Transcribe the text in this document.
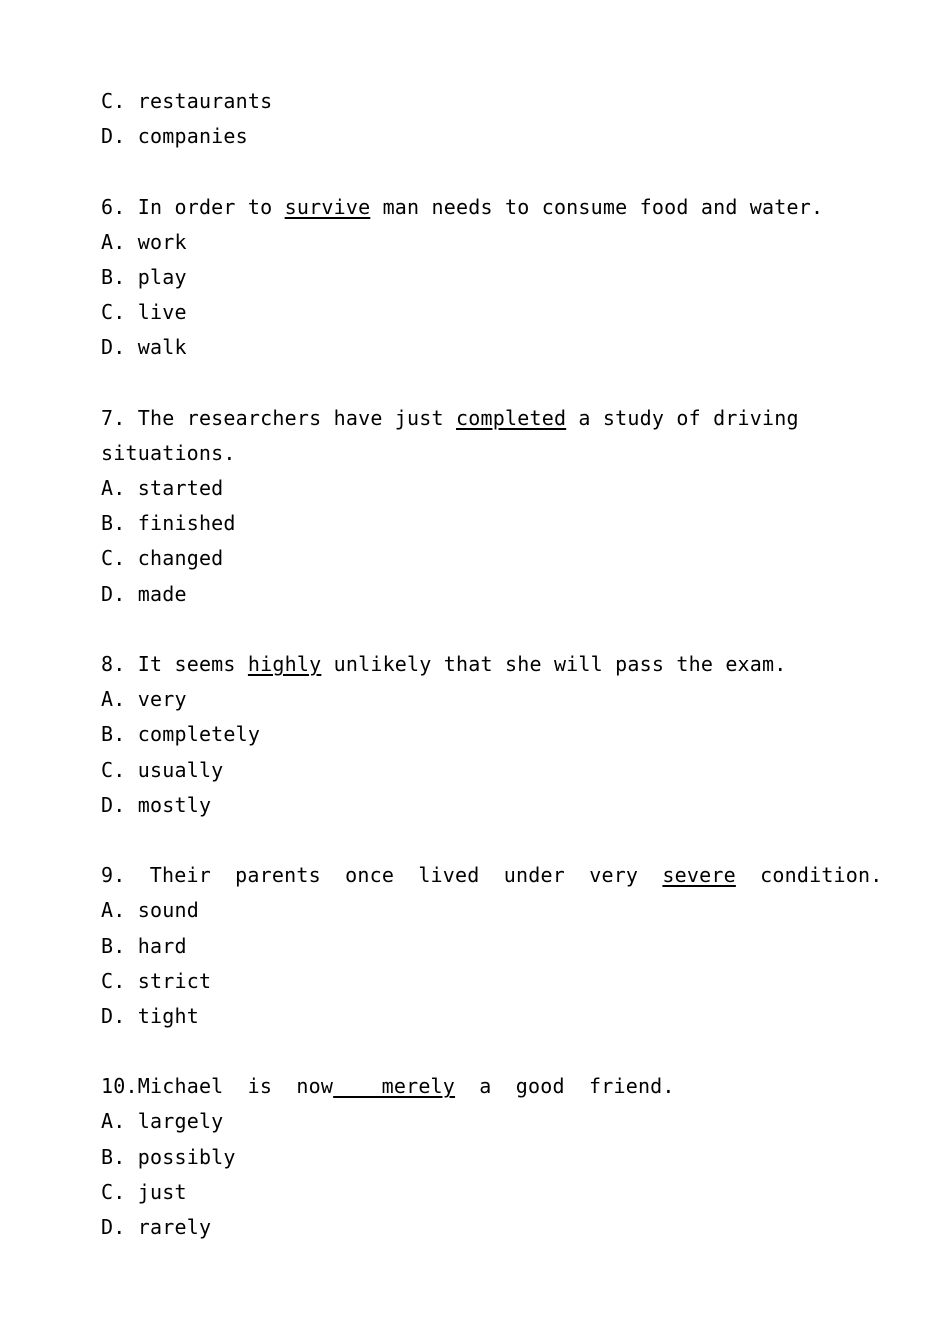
C. restaurants
D. companies
6. In order to survive man needs to consume food and water.
A. work
B. play
C. live
D. walk
7. The researchers have just completed a study of driving
situations.
A. started
B. finished
C. changed
D. made
8. It seems highly unlikely that she will pass the exam.
A. very
B. completely
C. usually
D. mostly
9. Their parents once lived under very severe condition.
A. sound
B. hard
C. strict
D. tight
10.Michael is now  merely a good friend.
A. largely
B. possibly
C. just
D. rarely
